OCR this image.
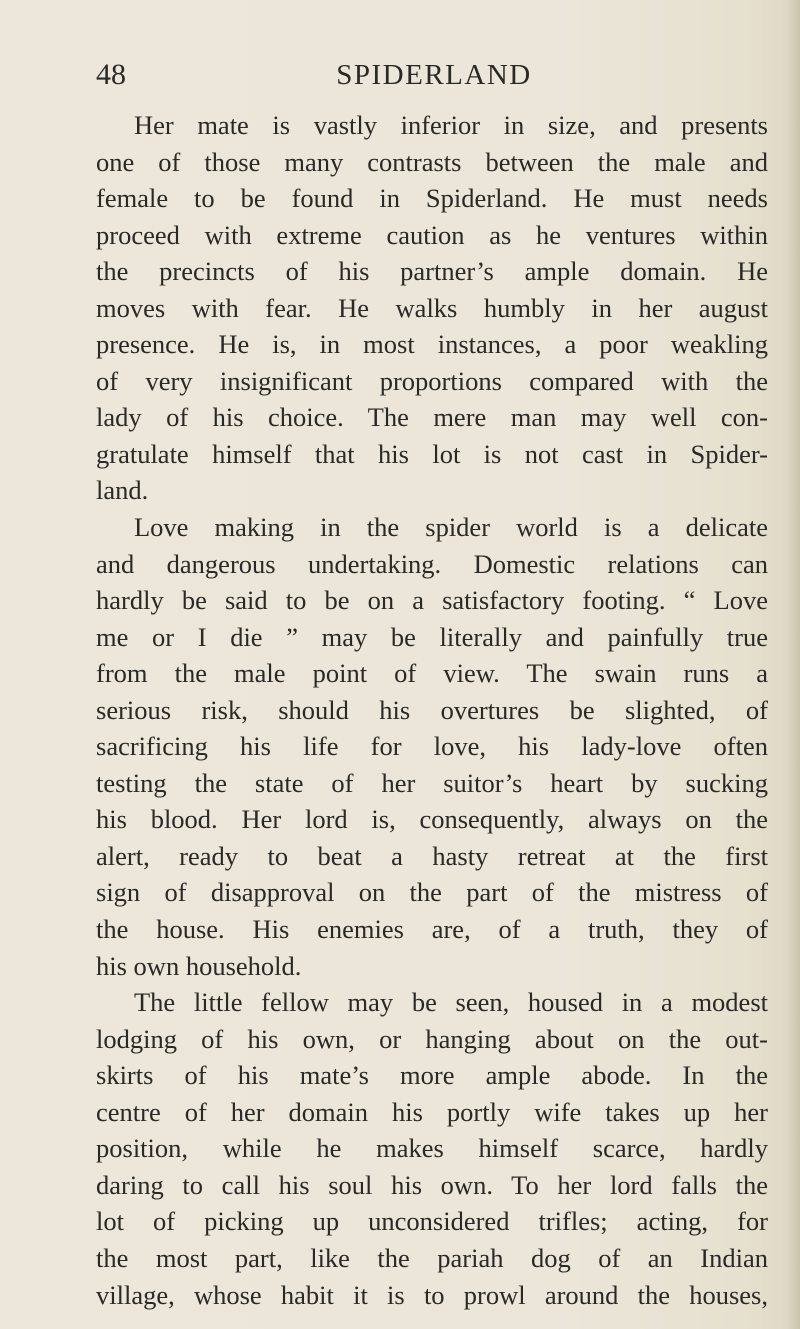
48	SPIDERLAND
Her mate is vastly inferior in size, and presents
one of those many contrasts between the male and
female to be found in Spiderland. He must needs
proceed with extreme caution as he ventures within
the precincts of his partner’s ample domain. He
moves with fear. He walks humbly in her august
presence. He is, in most instances, a poor weakling
of very insignificant proportions compared with the
lady of his choice. The mere man may well con-
gratulate himself that his lot is not cast in Spider-
land.
Love making in the spider world is a delicate
and dangerous undertaking. Domestic relations can
hardly be said to be on a satisfactory footing. “ Love
me or I die ” may be literally and painfully true
from the male point of view. The swain runs a
serious risk, should his overtures be slighted, of
sacrificing his life for love, his lady-love often
testing the state of her suitor’s heart by sucking
his blood. Her lord is, consequently, always on the
alert, ready to beat a hasty retreat at the first
sign of disapproval on the part of the mistress of
the house. His enemies are, of a truth, they of
his own household.
The little fellow may be seen, housed in a modest
lodging of his own, or hanging about on the out-
skirts of his mate’s more ample abode. In the
centre of her domain his portly wife takes up her
position, while he makes himself scarce, hardly
daring to call his soul his own. To her lord falls the
lot of picking up unconsidered trifles; acting, for
the most part, like the pariah dog of an Indian
village, whose habit it is to prowl around the houses,
